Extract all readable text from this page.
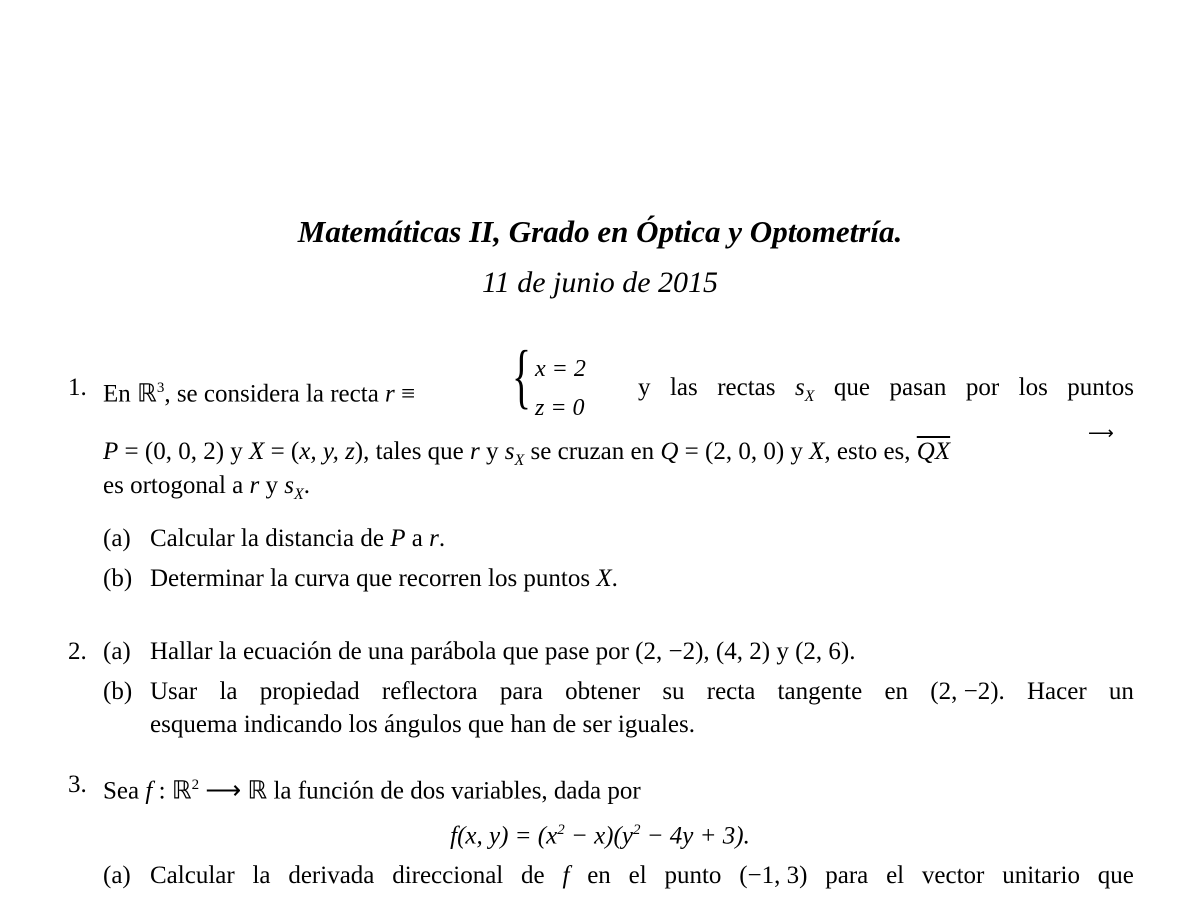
Matemáticas II, Grado en Óptica y Optometría.
11 de junio de 2015
1. En ℝ$^3$, se considera la recta r ≡ { x = 2
z = 0
y las rectas $s_X$ que pasan por los puntos
P = (0, 0, 2) y X = (x, y, z), tales que r y $s_X$ se cruzan en Q = (2, 0, 0) y X, esto es, $\overline{QX}$
⟶
es ortogonal a r y $s_X$.
(a) Calcular la distancia de P a r.
(b) Determinar la curva que recorren los puntos X.
2. (a) Hallar la ecuación de una parábola que pase por (2, −2), (4, 2) y (2, 6).
(b) Usar la propiedad reflectora para obtener su recta tangente en (2, −2). Hacer un
esquema indicando los ángulos que han de ser iguales.
3. Sea f : ℝ$^2$ ⟶ ℝ la función de dos variables, dada por
f(x, $y) = (x^2 - x)(y^2 - 4y + 3)$.
(a) Calcular la derivada direccional de f en el punto (−1, 3) para el vector unitario que
